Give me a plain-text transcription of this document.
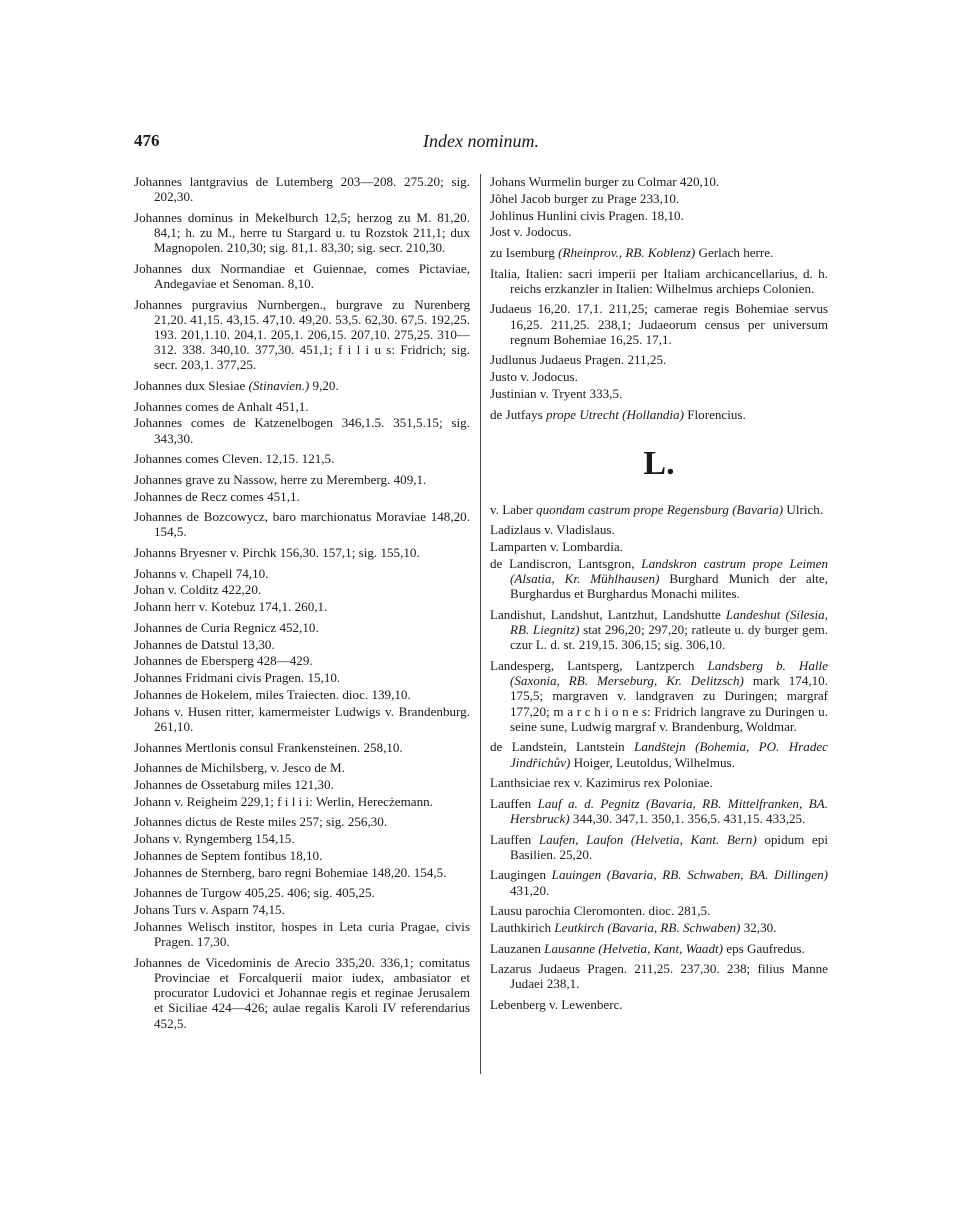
Index nominum.
476
Johannes lantgravius de Lutemberg 203—208. 275.20; sig. 202,30.
Johannes dominus in Mekelburch 12,5; herzog zu M. 81,20. 84,1; h. zu M., herre tu Stargard u. tu Rozstok 211,1; dux Magnopolen. 210,30; sig. 81,1. 83,30; sig. secr. 210,30.
Johannes dux Normandiae et Guiennae, comes Pictaviae, Andegaviae et Senoman. 8,10.
Johannes purgravius Nurnbergen., burgrave zu Nurenberg 21,20. 41,15. 43,15. 47,10. 49,20. 53,5. 62,30. 67,5. 192,25. 193. 201,1.10. 204,1. 205,1. 206,15. 207,10. 275,25. 310—312. 338. 340,10. 377,30. 451,1; f i l i u s: Fridrich; sig. secr. 203,1. 377,25.
Johannes dux Slesiae (Stinavien.) 9,20.
Johannes comes de Anhalt 451,1.
Johannes comes de Katzenelbogen 346,1.5. 351,5.15; sig. 343,30.
Johannes comes Cleven. 12,15. 121,5.
Johannes grave zu Nassow, herre zu Meremberg. 409,1.
Johannes de Recz comes 451,1.
Johannes de Bozcowycz, baro marchionatus Moraviae 148,20. 154,5.
Johanns Bryesner v. Pirchk 156,30. 157,1; sig. 155,10.
Johanns v. Chapell 74,10.
Johan v. Colditz 422,20.
Johann herr v. Kotebuz 174,1. 260,1.
Johannes de Curia Regnicz 452,10.
Johannes de Datstul 13,30.
Johannes de Ebersperg 428—429.
Johannes Fridmani civis Pragen. 15,10.
Johannes de Hokelem, miles Traiecten. dioc. 139,10.
Johans v. Husen ritter, kamermeister Ludwigs v. Brandenburg. 261,10.
Johannes Mertlonis consul Frankensteinen. 258,10.
Johannes de Michilsberg, v. Jesco de M.
Johannes de Ossetaburg miles 121,30.
Johann v. Reigheim 229,1; f i l i i: Werlin, Herecżemann.
Johannes dictus de Reste miles 257; sig. 256,30.
Johans v. Ryngemberg 154,15.
Johannes de Septem fontibus 18,10.
Johannes de Sternberg, baro regni Bohemiae 148,20. 154,5.
Johannes de Turgow 405,25. 406; sig. 405,25.
Johans Turs v. Asparn 74,15.
Johannes Welisch institor, hospes in Leta curia Pragae, civis Pragen. 17,30.
Johannes de Vicedominis de Arecio 335,20. 336,1; comitatus Provinciae et Forcalquerii maior iudex, ambasiator et procurator Ludovici et Johannae regis et reginae Jerusalem et Siciliae 424—426; aulae regalis Karoli IV referendarius 452,5.
Johans Wurmelin burger zu Colmar 420,10.
Jôhel Jacob burger zu Prage 233,10.
Johlinus Hunlini civis Pragen. 18,10.
Jost v. Jodocus.
zu Isemburg (Rheinprov., RB. Koblenz) Gerlach herre.
Italia, Italien: sacri imperii per Italiam archicancellarius, d. h. reichs erzkanzler in Italien: Wilhelmus archieps Colonien.
Judaeus 16,20. 17,1. 211,25; camerae regis Bohemiae servus 16,25. 211,25. 238,1; Judaeorum census per universum regnum Bohemiae 16,25. 17,1.
Judlunus Judaeus Pragen. 211,25.
Justo v. Jodocus.
Justinian v. Tryent 333,5.
de Jutfays prope Utrecht (Hollandia) Florencius.
L.
v. Laber quondam castrum prope Regensburg (Bavaria) Ulrich.
Ladizlaus v. Vladislaus.
Lamparten v. Lombardia.
de Landiscron, Lantsgron, Landskron castrum prope Leimen (Alsatia, Kr. Mühlhausen) Burghard Munich der alte, Burghardus et Burghardus Monachi milites.
Landishut, Landshut, Lantzhut, Landshutte Landeshut (Silesia, RB. Liegnitz) stat 296,20; 297,20; ratleute u. dy burger gem. czur L. d. st. 219,15. 306,15; sig. 306,10.
Landesperg, Lantsperg, Lantzperch Landsberg b. Halle (Saxonia, RB. Merseburg, Kr. Delitzsch) mark 174,10. 175,5; margraven v. landgraven zu Duringen; margraf 177,20; m a r c h i o n e s: Fridrich langrave zu Duringen u. seine sune, Ludwig margraf v. Brandenburg, Woldmar.
de Landstein, Lantstein Landštejn (Bohemia, PO. Hradec Jindřichův) Hoiger, Leutoldus, Wilhelmus.
Lanthsiciae rex v. Kazimirus rex Poloniae.
Lauffen Lauf a. d. Pegnitz (Bavaria, RB. Mittelfranken, BA. Hersbruck) 344,30. 347,1. 350,1. 356,5. 431,15. 433,25.
Lauffen Laufen, Laufon (Helvetia, Kant. Bern) opidum epi Basilien. 25,20.
Laugingen Lauingen (Bavaria, RB. Schwaben, BA. Dillingen) 431,20.
Lausu parochia Cleromonten. dioc. 281,5.
Lauthkirich Leutkirch (Bavaria, RB. Schwaben) 32,30.
Lauzanen Lausanne (Helvetia, Kant, Waadt) eps Gaufredus.
Lazarus Judaeus Pragen. 211,25. 237,30. 238; filius Manne Judaei 238,1.
Lebenberg v. Lewenberc.
